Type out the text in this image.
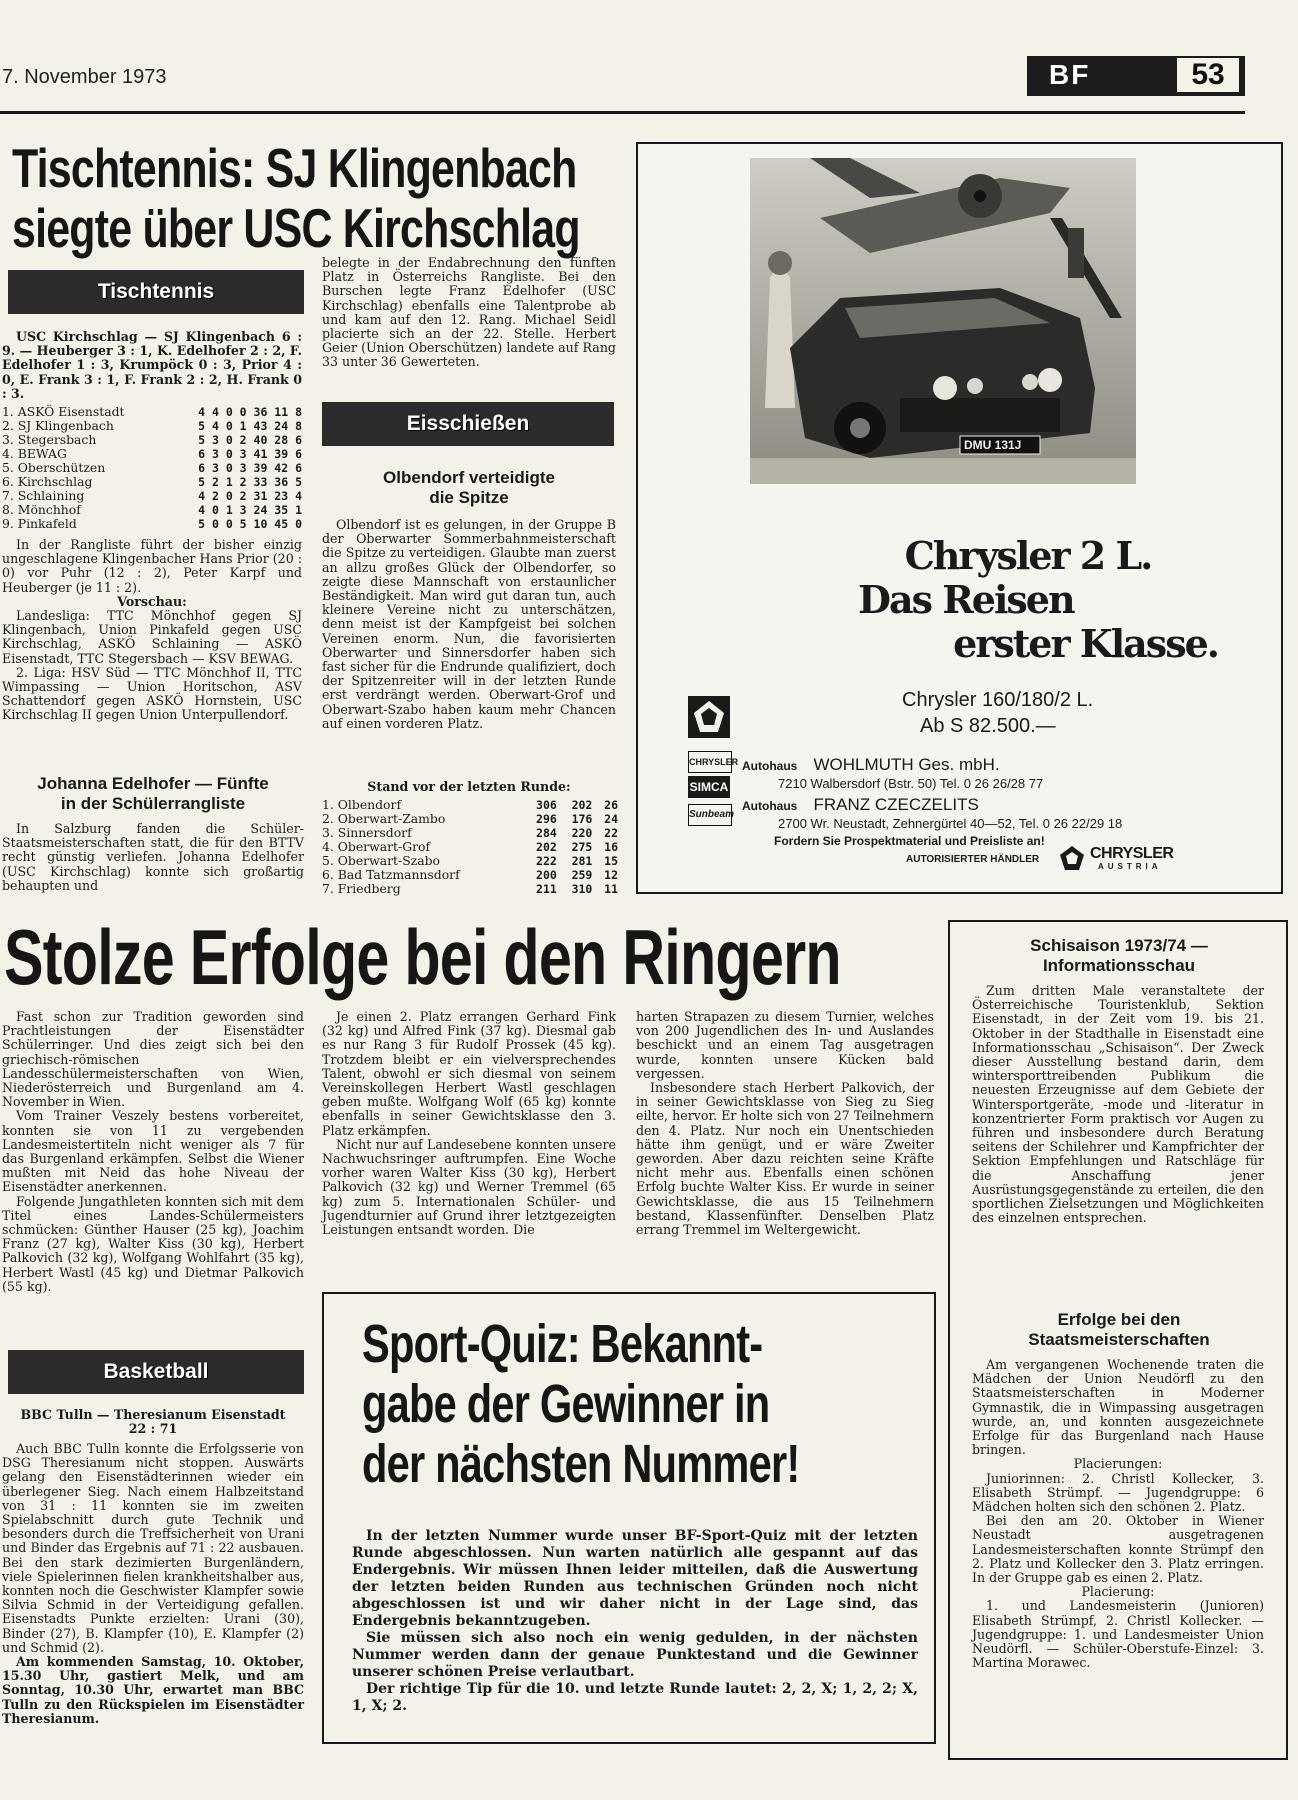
7. November 1973	BF	53
Tischtennis: SJ Klingenbach
siegte über USC Kirchschlag
Tischtennis

USC Kirchschlag — SJ Klingenbach 6 : 9. — Heuberger 3 : 1, K. Edelhofer 2 : 2, F. Edelhofer 1 : 3, Krumpöck 0 : 3, Prior 4 : 0, E. Frank 3 : 1, F. Frank 2 : 2, H. Frank 0 : 3.

1. ASKÖ Eisenstadt	4 4 0 0 36 11 8
2. SJ Klingenbach	5 4 0 1 43 24 8
3. Stegersbach	5 3 0 2 40 28 6
4. BEWAG	6 3 0 3 41 39 6
5. Oberschützen	6 3 0 3 39 42 6
6. Kirchschlag	5 2 1 2 33 36 5
7. Schlaining	4 2 0 2 31 23 4
8. Mönchhof	4 0 1 3 24 35 1
9. Pinkafeld	5 0 0 5 10 45 0

In der Rangliste führt der bisher einzig ungeschlagene Klingenbacher Hans Prior (20 : 0) vor Puhr (12 : 2), Peter Karpf und Heuberger (je 11 : 2).

Vorschau:

Landesliga: TTC Mönchhof gegen SJ Klingenbach, Union Pinkafeld gegen USC Kirchschlag, ASKÖ Schlaining — ASKÖ Eisenstadt, TTC Stegersbach — KSV BEWAG.

2. Liga: HSV Süd — TTC Mönchhof II, TTC Wimpassing — Union Horitschon, ASV Schattendorf gegen ASKÖ Hornstein, USC Kirchschlag II gegen Union Unterpullendorf.

Johanna Edelhofer — Fünfte
in der Schülerrangliste

In Salzburg fanden die Schüler-Staatsmeisterschaften statt, die für den BTTV recht günstig verliefen. Johanna Edelhofer (USC Kirchschlag) konnte sich großartig behaupten und

belegte in der Endabrechnung den fünften Platz in Österreichs Rangliste. Bei den Burschen legte Franz Edelhofer (USC Kirchschlag) ebenfalls eine Talentprobe ab und kam auf den 12. Rang. Michael Seidl placierte sich an der 22. Stelle. Herbert Geier (Union Oberschützen) landete auf Rang 33 unter 36 Gewerteten.

Eisschießen
Olbendorf verteidigte
die Spitze

Olbendorf ist es gelungen, in der Gruppe B der Oberwarter Sommerbahnmeisterschaft die Spitze zu verteidigen. Glaubte man zuerst an allzu großes Glück der Olbendorfer, so zeigte diese Mannschaft von erstaunlicher Beständigkeit. Man wird gut daran tun, auch kleinere Vereine nicht zu unterschätzen, denn meist ist der Kampfgeist bei solchen Vereinen enorm. Nun, die favorisierten Oberwarter und Sinnersdorfer haben sich fast sicher für die Endrunde qualifiziert, doch der Spitzenreiter will in der letzten Runde erst verdrängt werden. Oberwart-Grof und Oberwart-Szabo haben kaum mehr Chancen auf einen vorderen Platz.

Stand vor der letzten Runde:
1. Olbendorf	306	202	26
2. Oberwart-Zambo	296	176	24
3. Sinnersdorf	284	220	22
4. Oberwart-Grof	202	275	16
5. Oberwart-Szabo	222	281	15
6. Bad Tatzmannsdorf	200	259	12
7. Friedberg	211	310	11
DMU 131J
Chrysler 2 L.
Das Reisen
erster Klasse.
Chrysler 160/180/2 L.
Ab S 82.500.—
CHRYSLER
SIMCA
Sunbeam
Autohaus WOHLMUTH Ges. mbH.
7210 Walbersdorf (Bstr. 50) Tel. 0 26 26/28 77
Autohaus FRANZ CZECZELITS
2700 Wr. Neustadt, Zehnergürtel 40—52, Tel. 0 26 22/29 18
Fordern Sie Prospektmaterial und Preisliste an!
AUTORISIERTER HÄNDLER	CHRYSLER
AUSTRIA
Stolze Erfolge bei den Ringern

Fast schon zur Tradition geworden sind Prachtleistungen der Eisenstädter Schülerringer. Und dies zeigt sich bei den griechisch-römischen Landesschülermeisterschaften von Wien, Niederösterreich und Burgenland am 4. November in Wien.

Vom Trainer Veszely bestens vorbereitet, konnten sie von 11 zu vergebenden Landesmeistertiteln nicht weniger als 7 für das Burgenland erkämpfen. Selbst die Wiener mußten mit Neid das hohe Niveau der Eisenstädter anerkennen.

Folgende Jungathleten konnten sich mit dem Titel eines Landes-Schülermeisters schmücken: Günther Hauser (25 kg), Joachim Franz (27 kg), Walter Kiss (30 kg), Herbert Palkovich (32 kg), Wolfgang Wohlfahrt (35 kg), Herbert Wastl (45 kg) und Dietmar Palkovich (55 kg).

Je einen 2. Platz errangen Gerhard Fink (32 kg) und Alfred Fink (37 kg). Diesmal gab es nur Rang 3 für Rudolf Prossek (45 kg). Trotzdem bleibt er ein vielversprechendes Talent, obwohl er sich diesmal von seinem Vereinskollegen Herbert Wastl geschlagen geben mußte. Wolfgang Wolf (65 kg) konnte ebenfalls in seiner Gewichtsklasse den 3. Platz erkämpfen.

Nicht nur auf Landesebene konnten unsere Nachwuchsringer auftrumpfen. Eine Woche vorher waren Walter Kiss (30 kg), Herbert Palkovich (32 kg) und Werner Tremmel (65 kg) zum 5. Internationalen Schüler- und Jugendturnier auf Grund ihrer letztgezeigten Leistungen entsandt worden. Die

harten Strapazen zu diesem Turnier, welches von 200 Jugendlichen des In- und Auslandes beschickt und an einem Tag ausgetragen wurde, konnten unsere Kücken bald vergessen.

Insbesondere stach Herbert Palkovich, der in seiner Gewichtsklasse von Sieg zu Sieg eilte, hervor. Er holte sich von 27 Teilnehmern den 4. Platz. Nur noch ein Unentschieden hätte ihm genügt, und er wäre Zweiter geworden. Aber dazu reichten seine Kräfte nicht mehr aus. Ebenfalls einen schönen Erfolg buchte Walter Kiss. Er wurde in seiner Gewichtsklasse, die aus 15 Teilnehmern bestand, Klassenfünfter. Denselben Platz errang Tremmel im Weltergewicht.

Basketball
BBC Tulln — Theresianum Eisenstadt
22 : 71

Auch BBC Tulln konnte die Erfolgsserie von DSG Theresianum nicht stoppen. Auswärts gelang den Eisenstädterinnen wieder ein überlegener Sieg. Nach einem Halbzeitstand von 31 : 11 konnten sie im zweiten Spielabschnitt durch gute Technik und besonders durch die Treffsicherheit von Urani und Binder das Ergebnis auf 71 : 22 ausbauen. Bei den stark dezimierten Burgenländern, viele Spielerinnen fielen krankheitshalber aus, konnten noch die Geschwister Klampfer sowie Silvia Schmid in der Verteidigung gefallen. Eisenstadts Punkte erzielten: Urani (30), Binder (27), B. Klampfer (10), E. Klampfer (2) und Schmid (2).

Am kommenden Samstag, 10. Oktober, 15.30 Uhr, gastiert Melk, und am Sonntag, 10.30 Uhr, erwartet man BBC Tulln zu den Rückspielen im Eisenstädter Theresianum.

Sport-Quiz: Bekannt-
gabe der Gewinner in
der nächsten Nummer!

In der letzten Nummer wurde unser BF-Sport-Quiz mit der letzten Runde abgeschlossen. Nun warten natürlich alle gespannt auf das Endergebnis. Wir müssen Ihnen leider mitteilen, daß die Auswertung der letzten beiden Runden aus technischen Gründen noch nicht abgeschlossen ist und wir daher nicht in der Lage sind, das Endergebnis bekanntzugeben.

Sie müssen sich also noch ein wenig gedulden, in der nächsten Nummer werden dann der genaue Punktestand und die Gewinner unserer schönen Preise verlautbart.

Der richtige Tip für die 10. und letzte Runde lautet: 2, 2, X; 1, 2, 2; X, 1, X; 2.

Schisaison 1973/74 —
Informationsschau

Zum dritten Male veranstaltete der Österreichische Touristenklub, Sektion Eisenstadt, in der Zeit vom 19. bis 21. Oktober in der Stadthalle in Eisenstadt eine Informationsschau „Schisaison“. Der Zweck dieser Ausstellung bestand darin, dem wintersporttreibenden Publikum die neuesten Erzeugnisse auf dem Gebiete der Wintersportgeräte, -mode und -literatur in konzentrierter Form praktisch vor Augen zu führen und insbesondere durch Beratung seitens der Schilehrer und Kampfrichter der Sektion Empfehlungen und Ratschläge für die Anschaffung jener Ausrüstungsgegenstände zu erteilen, die den sportlichen Zielsetzungen und Möglichkeiten des einzelnen entsprechen.

Erfolge bei den
Staatsmeisterschaften

Am vergangenen Wochenende traten die Mädchen der Union Neudörfl zu den Staatsmeisterschaften in Moderner Gymnastik, die in Wimpassing ausgetragen wurde, an, und konnten ausgezeichnete Erfolge für das Burgenland nach Hause bringen.

Placierungen:

Juniorinnen: 2. Christl Kollecker, 3. Elisabeth Strümpf. — Jugendgruppe: 6 Mädchen holten sich den schönen 2. Platz.

Bei den am 20. Oktober in Wiener Neustadt ausgetragenen Landesmeisterschaften konnte Strümpf den 2. Platz und Kollecker den 3. Platz erringen. In der Gruppe gab es einen 2. Platz.

Placierung:

1. und Landesmeisterin (Junioren) Elisabeth Strümpf, 2. Christl Kollecker. — Jugendgruppe: 1. und Landesmeister Union Neudörfl. — Schüler-Oberstufe-Einzel: 3. Martina Morawec.
